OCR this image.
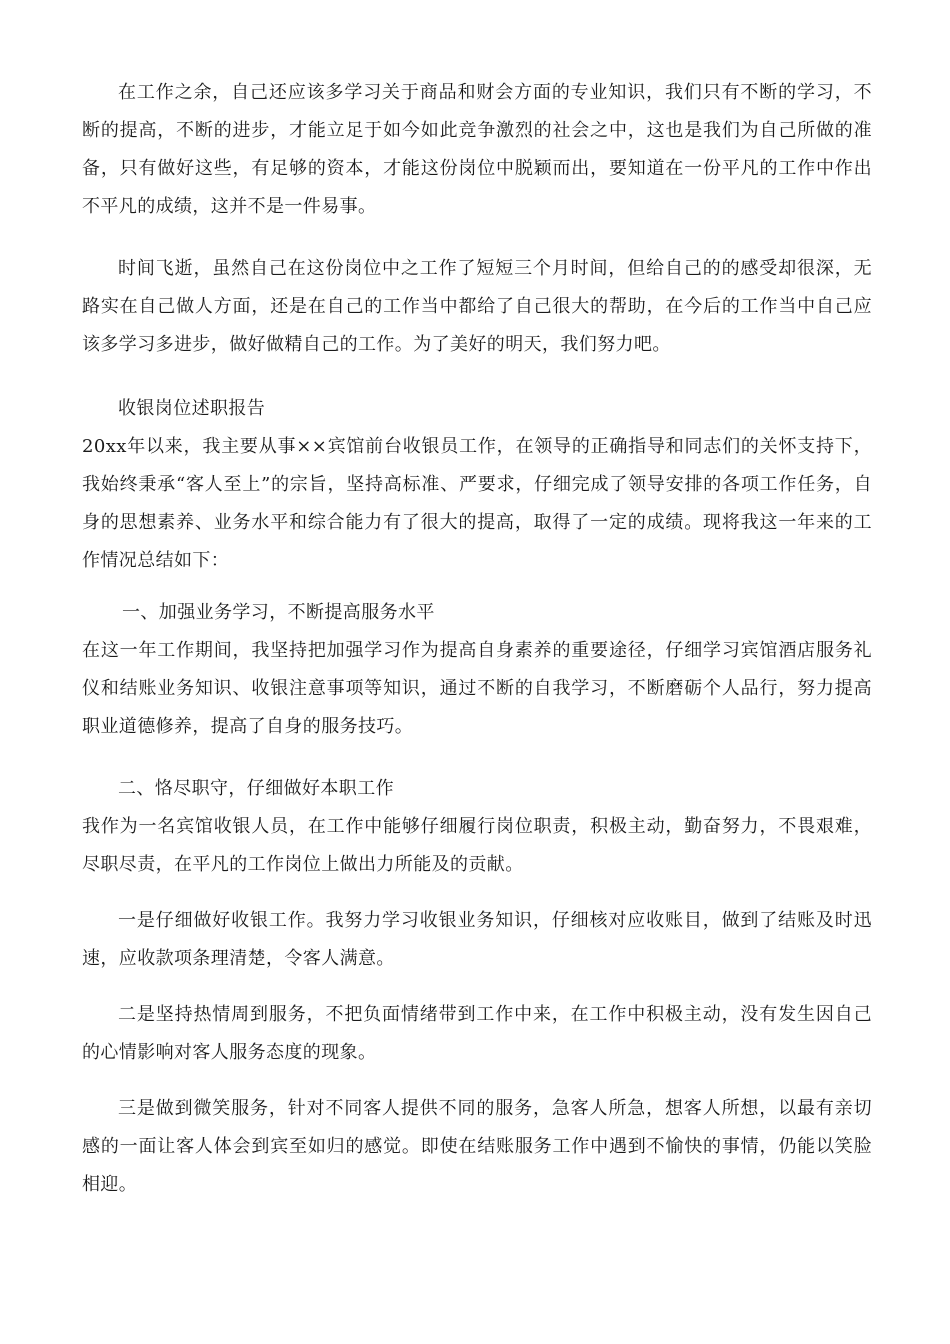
在工作之余，自己还应该多学习关于商品和财会方面的专业知识，我们只有不断的学习，不断的提高，不断的进步，才能立足于如今如此竞争激烈的社会之中，这也是我们为自己所做的准备，只有做好这些，有足够的资本，才能这份岗位中脱颖而出，要知道在一份平凡的工作中作出不平凡的成绩，这并不是一件易事。

时间飞逝，虽然自己在这份岗位中之工作了短短三个月时间，但给自己的的感受却很深，无路实在自己做人方面，还是在自己的工作当中都给了自己很大的帮助，在今后的工作当中自己应该多学习多进步，做好做精自己的工作。为了美好的明天，我们努力吧。

收银岗位述职报告

20xx年以来，我主要从事××宾馆前台收银员工作，在领导的正确指导和同志们的关怀支持下，我始终秉承“客人至上”的宗旨，坚持高标准、严要求，仔细完成了领导安排的各项工作任务，自身的思想素养、业务水平和综合能力有了很大的提高，取得了一定的成绩。现将我这一年来的工作情况总结如下：

一、加强业务学习，不断提高服务水平

在这一年工作期间，我坚持把加强学习作为提高自身素养的重要途径，仔细学习宾馆酒店服务礼仪和结账业务知识、收银注意事项等知识，通过不断的自我学习，不断磨砺个人品行，努力提高职业道德修养，提高了自身的服务技巧。

二、恪尽职守，仔细做好本职工作

我作为一名宾馆收银人员，在工作中能够仔细履行岗位职责，积极主动，勤奋努力，不畏艰难，尽职尽责，在平凡的工作岗位上做出力所能及的贡献。

一是仔细做好收银工作。我努力学习收银业务知识，仔细核对应收账目，做到了结账及时迅速，应收款项条理清楚，令客人满意。

二是坚持热情周到服务，不把负面情绪带到工作中来，在工作中积极主动，没有发生因自己的心情影响对客人服务态度的现象。

三是做到微笑服务，针对不同客人提供不同的服务，急客人所急，想客人所想，以最有亲切感的一面让客人体会到宾至如归的感觉。即使在结账服务工作中遇到不愉快的事情，仍能以笑脸相迎。
